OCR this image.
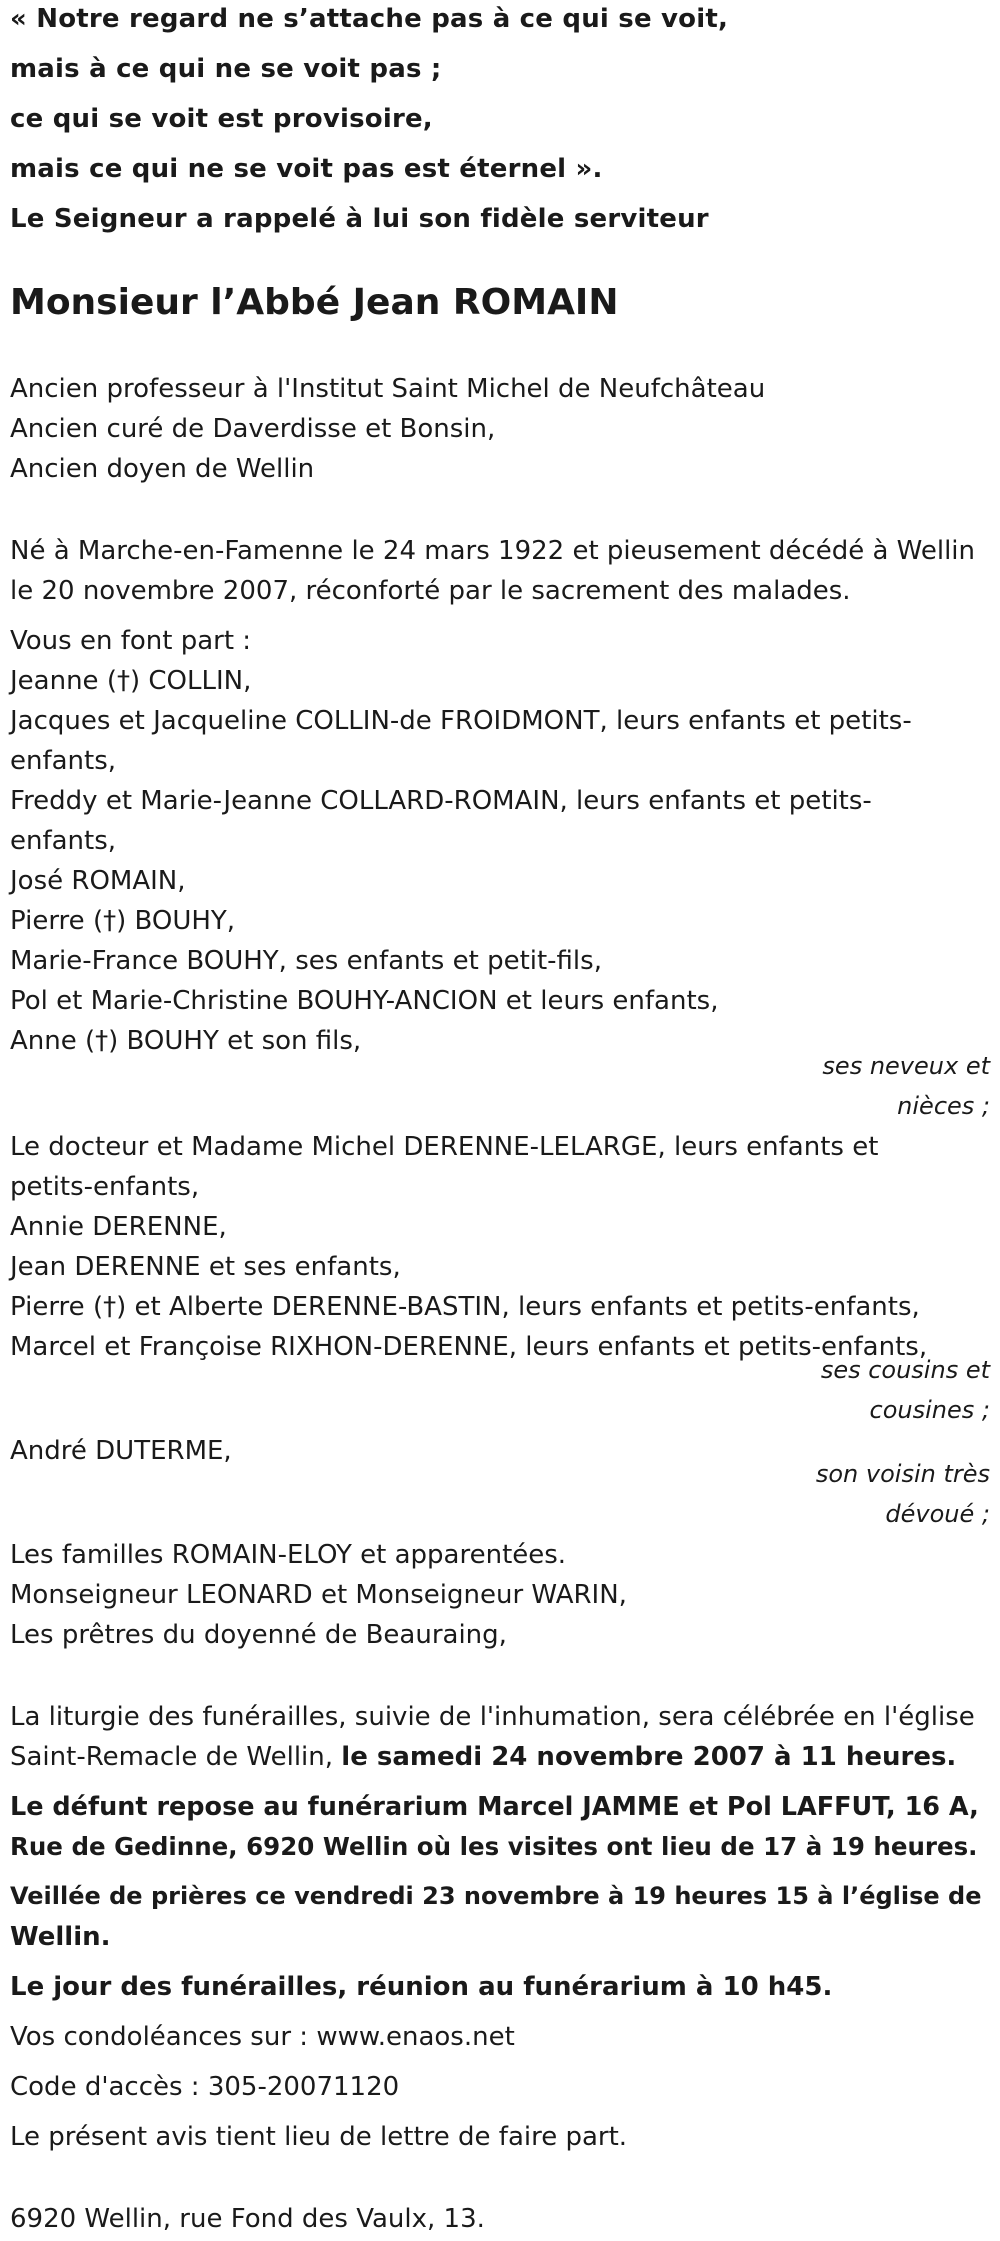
« Notre regard ne s’attache pas à ce qui se voit,
mais à ce qui ne se voit pas ;
ce qui se voit est provisoire,
mais ce qui ne se voit pas est éternel ».
Le Seigneur a rappelé à lui son fidèle serviteur
Monsieur l’Abbé Jean ROMAIN
Ancien professeur à l'Institut Saint Michel de Neufchâteau
Ancien curé de Daverdisse et Bonsin,
Ancien doyen de Wellin
Né à Marche-en-Famenne le 24 mars 1922 et pieusement décédé à Wellin
le 20 novembre 2007, réconforté par le sacrement des malades.
Vous en font part :
Jeanne (†) COLLIN,
Jacques et Jacqueline COLLIN-de FROIDMONT, leurs enfants et petits-
enfants,
Freddy et Marie-Jeanne COLLARD-ROMAIN, leurs enfants et petits-
enfants,
José ROMAIN,
Pierre (†) BOUHY,
Marie-France BOUHY, ses enfants et petit-fils,
Pol et Marie-Christine BOUHY-ANCION et leurs enfants,
Anne (†) BOUHY et son fils,
ses neveux et
nièces ;
Le docteur et Madame Michel DERENNE-LELARGE, leurs enfants et
petits-enfants,
Annie DERENNE,
Jean DERENNE et ses enfants,
Pierre (†) et Alberte DERENNE-BASTIN, leurs enfants et petits-enfants,
Marcel et Françoise RIXHON-DERENNE, leurs enfants et petits-enfants,
ses cousins et
cousines ;
André DUTERME,
son voisin très
dévoué ;
Les familles ROMAIN-ELOY et apparentées.
Monseigneur LEONARD et Monseigneur WARIN,
Les prêtres du doyenné de Beauraing,
La liturgie des funérailles, suivie de l'inhumation, sera célébrée en l'église
Saint-Remacle de Wellin, le samedi 24 novembre 2007 à 11 heures.
Le défunt repose au funérarium Marcel JAMME et Pol LAFFUT, 16 A,
Rue de Gedinne, 6920 Wellin où les visites ont lieu de 17 à 19 heures.
Veillée de prières ce vendredi 23 novembre à 19 heures 15 à l’église de
Wellin.
Le jour des funérailles, réunion au funérarium à 10 h45.
Vos condoléances sur : www.enaos.net
Code d'accès : 305-20071120
Le présent avis tient lieu de lettre de faire part.
6920 Wellin, rue Fond des Vaulx, 13.
